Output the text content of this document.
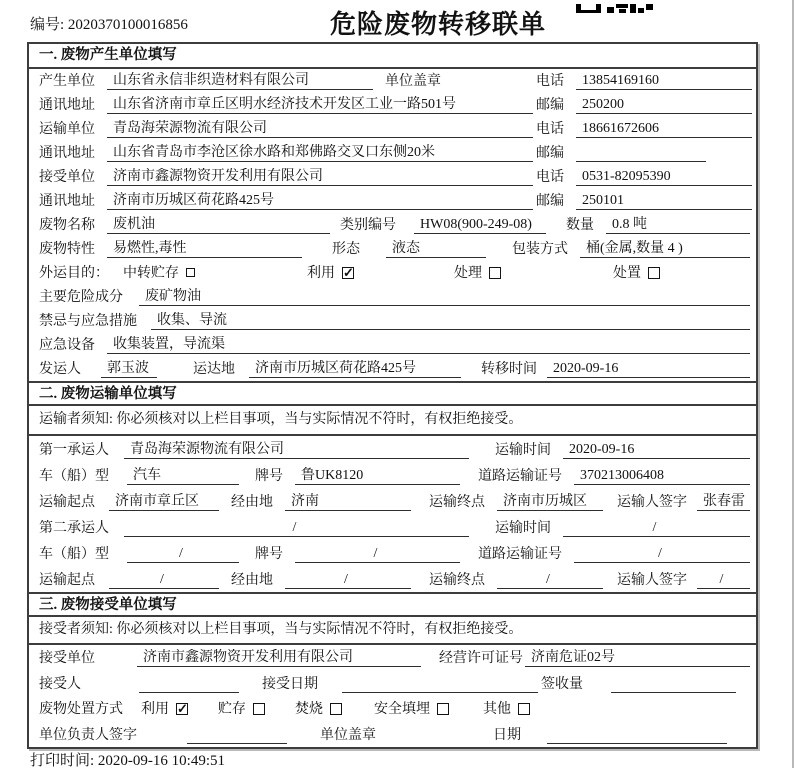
编号: 2020370100016856	危险废物转移联单
一. 废物产生单位填写
产生单位	山东省永信非织造材料有限公司	单位盖章	电话	13854169160
通讯地址	山东省济南市章丘区明水经济技术开发区工业一路501号	邮编	250200
运输单位	青岛海荣源物流有限公司	电话	18661672606
通讯地址	山东省青岛市李沧区徐水路和郑佛路交叉口东侧20米	邮编
接受单位	济南市鑫源物资开发利用有限公司	电话	0531-82095390
通讯地址	济南市历城区荷花路425号	邮编	250101
废物名称	废机油	类别编号	HW08(900-249-08)	数量	0.8 吨
废物特性	易燃性,毒性	形态	液态	包装方式	桶(金属,数量 4 )
外运目的： 中转贮存	利用 ✓	处理	处置
主要危险成分	废矿物油
禁忌与应急措施	收集、导流
应急设备	收集装置，导流渠
发运人	郭玉波	运达地	济南市历城区荷花路425号	转移时间	2020-09-16
二. 废物运输单位填写
运输者须知: 你必须核对以上栏目事项，当与实际情况不符时，有权拒绝接受。
第一承运人	青岛海荣源物流有限公司	运输时间	2020-09-16
车（船）型	汽车	牌号	鲁UK8120	道路运输证号	370213006408
运输起点	济南市章丘区	经由地	济南	运输终点	济南市历城区	运输人签字	张春雷
第二承运人	/	运输时间	/
车（船）型	/	牌号	/	道路运输证号	/
运输起点	/	经由地	/	运输终点	/	运输人签字	/
三. 废物接受单位填写
接受者须知: 你必须核对以上栏目事项，当与实际情况不符时，有权拒绝接受。
接受单位	济南市鑫源物资开发利用有限公司	经营许可证号 济南危证02号
接受人	接受日期	签收量
废物处置方式 利用 ✓	贮存	焚烧	安全填埋	其他
单位负责人签字	单位盖章	日期
打印时间: 2020-09-16 10:49:51
